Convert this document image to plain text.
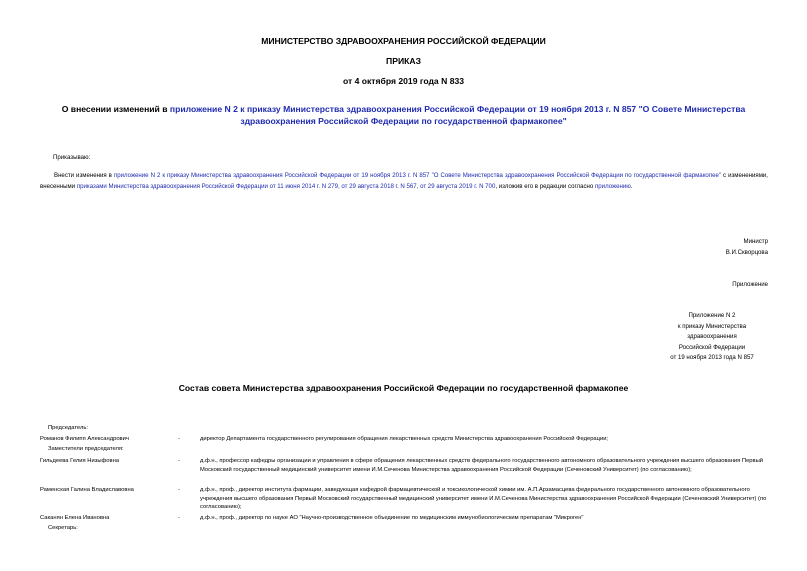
МИНИСТЕРСТВО ЗДРАВООХРАНЕНИЯ РОССИЙСКОЙ ФЕДЕРАЦИИ
ПРИКАЗ
от 4 октября 2019 года N 833
О внесении изменений в приложение N 2 к приказу Министерства здравоохранения Российской Федерации от 19 ноября 2013 г. N 857 "О Совете Министерства здравоохранения Российской Федерации по государственной фармакопее"
Приказываю:
Внести изменения в приложение N 2 к приказу Министерства здравоохранения Российской Федерации от 19 ноября 2013 г. N 857 "О Совете Министерства здравоохранения Российской Федерации по государственной фармакопее" с изменениями, внесенными приказами Министерства здравоохранения Российской Федерации от 11 июня 2014 г. N 279, от 29 августа 2018 г. N 567, от 29 августа 2019 г. N 700, изложив его в редакции согласно приложению.
Министр
В.И.Скворцова
Приложение
Приложение N 2
к приказу Министерства
здравоохранения
Российской Федерации
от 19 ноября 2013 года N 857
Состав совета Министерства здравоохранения Российской Федерации по государственной фармакопее
Председатель:
Романов Филипп Александрович	-	директор Департамента государственного регулирования обращения лекарственных средств Министерства здравоохранения Российской Федерации;
Заместители председателя:
Гильдеева Гелия Низыфовна	-	д.ф.н., профессор кафедры организации и управления в сфере обращения лекарственных средств федерального государственного автономного образовательного учреждения высшего образования Первый Московский государственный медицинский университет имени И.М.Сеченова Министерства здравоохранения Российской Федерации (Сеченовский Университет) (по согласованию);
Раменская Галина Владиславовна	-	д.ф.н., проф., директор института фармации, заведующая кафедрой фармацевтической и токсикологической химии им. А.П.Арзамасцева федерального государственного автономного образовательного учреждения высшего образования Первый Московский государственный медицинский университет имени И.М.Сеченова Министерства здравоохранения Российской Федерации (Сеченовский Университет) (по согласованию);
Саканян Елена Ивановна	-	д.ф.н., проф., директор по науке АО "Научно-производственное объединение по медицинским иммунобиологическим препаратам "Микроген"
Секретарь:
